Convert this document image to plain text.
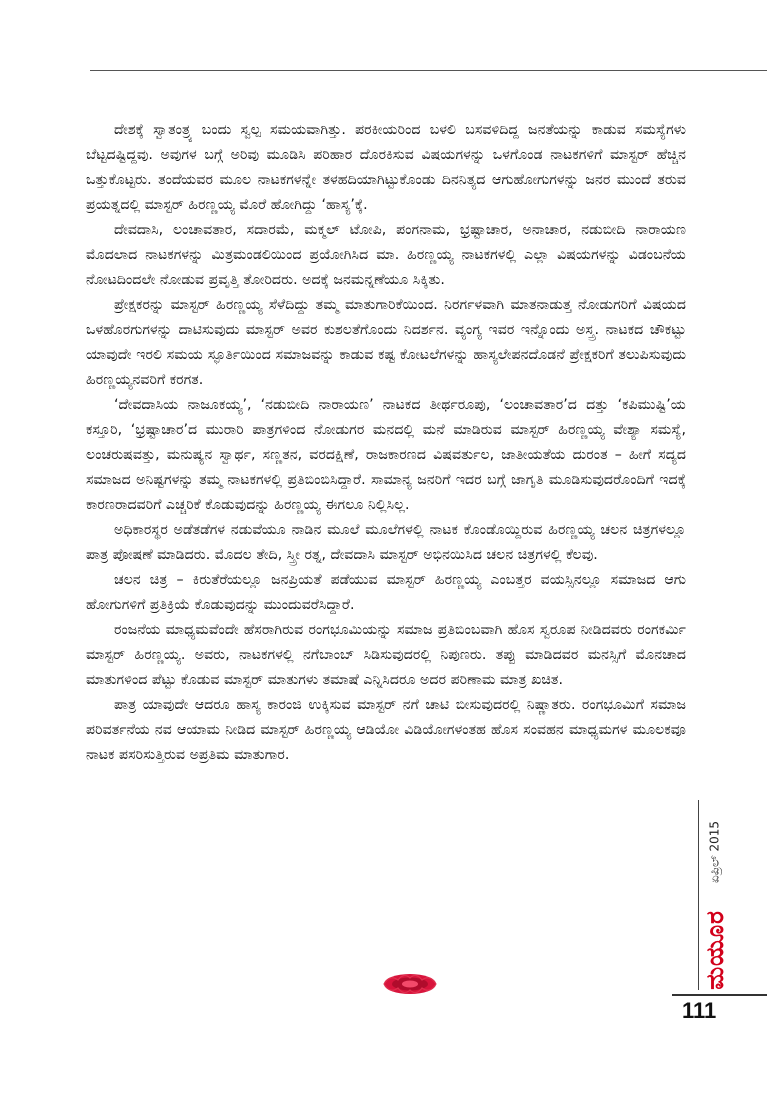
ದೇಶಕ್ಕೆ ಸ್ವಾತಂತ್ರ್ಯ ಬಂದು ಸ್ವಲ್ಪ ಸಮಯವಾಗಿತ್ತು. ಪರಕೀಯರಿಂದ ಬಳಲಿ ಬಸವಳಿದಿದ್ದ ಜನತೆಯನ್ನು ಕಾಡುವ ಸಮಸ್ಯೆಗಳು ಬೆಟ್ಟದಷ್ಟಿದ್ದವು. ಅವುಗಳ ಬಗ್ಗೆ ಅರಿವು ಮೂಡಿಸಿ ಪರಿಹಾರ ದೊರಕಿಸುವ ವಿಷಯಗಳನ್ನು ಒಳಗೊಂಡ ನಾಟಕಗಳಿಗೆ ಮಾಸ್ಟರ್ ಹೆಚ್ಚಿನ ಒತ್ತುಕೊಟ್ಟರು. ತಂದೆಯವರ ಮೂಲ ನಾಟಕಗಳನ್ನೇ ತಳಹದಿಯಾಗಿಟ್ಟುಕೊಂಡು ದಿನನಿತ್ಯದ ಆಗುಹೋಗುಗಳನ್ನು ಜನರ ಮುಂದೆ ತರುವ ಪ್ರಯತ್ನದಲ್ಲಿ ಮಾಸ್ಟರ್ ಹಿರಣ್ಣಯ್ಯ ಮೊರೆ ಹೋಗಿದ್ದು ‘ಹಾಸ್ಯ’ಕ್ಕೆ.

ದೇವದಾಸಿ, ಲಂಚಾವತಾರ, ಸದಾರಮೆ, ಮಕ್ಮಲ್ ಟೋಪಿ, ಪಂಗನಾಮ, ಭ್ರಷ್ಟಾಚಾರ, ಅನಾಚಾರ, ನಡುಬೀದಿ ನಾರಾಯಣ ಮೊದಲಾದ ನಾಟಕಗಳನ್ನು ಮಿತ್ರಮಂಡಲಿಯಿಂದ ಪ್ರಯೋಗಿಸಿದ ಮಾ. ಹಿರಣ್ಣಯ್ಯ ನಾಟಕಗಳಲ್ಲಿ ಎಲ್ಲಾ ವಿಷಯಗಳನ್ನು ವಿಡಂಬನೆಯ ನೋಟದಿಂದಲೇ ನೋಡುವ ಪ್ರವೃತ್ತಿ ತೋರಿದರು. ಅದಕ್ಕೆ ಜನಮನ್ನಣೆಯೂ ಸಿಕ್ಕಿತು.

ಪ್ರೇಕ್ಷಕರನ್ನು ಮಾಸ್ಟರ್ ಹಿರಣ್ಣಯ್ಯ ಸೆಳೆದಿದ್ದು ತಮ್ಮ ಮಾತುಗಾರಿಕೆಯಿಂದ. ನಿರರ್ಗಳವಾಗಿ ಮಾತನಾಡುತ್ತ ನೋಡುಗರಿಗೆ ವಿಷಯದ ಒಳಹೊರಗುಗಳನ್ನು ದಾಟಿಸುವುದು ಮಾಸ್ಟರ್ ಅವರ ಕುಶಲತೆಗೊಂದು ನಿದರ್ಶನ. ವ್ಯಂಗ್ಯ ಇವರ ಇನ್ನೊಂದು ಅಸ್ತ್ರ. ನಾಟಕದ ಚೌಕಟ್ಟು ಯಾವುದೇ ಇರಲಿ ಸಮಯ ಸ್ಫೂರ್ತಿಯಿಂದ ಸಮಾಜವನ್ನು ಕಾಡುವ ಕಷ್ಟ ಕೋಟಲೆಗಳನ್ನು ಹಾಸ್ಯಲೇಪನದೊಡನೆ ಪ್ರೇಕ್ಷಕರಿಗೆ ತಲುಪಿಸುವುದು ಹಿರಣ್ಣಯ್ಯನವರಿಗೆ ಕರಗತ.

‘ದೇವದಾಸಿಯ ನಾಜೂಕಯ್ಯ’, ‘ನಡುಬೀದಿ ನಾರಾಯಣ’ ನಾಟಕದ ತೀರ್ಥರೂಪು, ‘ಲಂಚಾವತಾರ’ದ ದತ್ತು ‘ಕಪಿಮುಷ್ಟಿ’ಯ ಕಸ್ತೂರಿ, ‘ಭ್ರಷ್ಟಾಚಾರ’ದ ಮುರಾರಿ ಪಾತ್ರಗಳಿಂದ ನೋಡುಗರ ಮನದಲ್ಲಿ ಮನೆ ಮಾಡಿರುವ ಮಾಸ್ಟರ್ ಹಿರಣ್ಣಯ್ಯ ವೇಶ್ಯಾ ಸಮಸ್ಯೆ, ಲಂಚರುಷವತ್ತು, ಮನುಷ್ಯನ ಸ್ವಾರ್ಥ, ಸಣ್ಣತನ, ವರದಕ್ಷಿಣೆ, ರಾಜಕಾರಣದ ವಿಷವರ್ತುಲ, ಜಾತೀಯತೆಯ ದುರಂತ – ಹೀಗೆ ಸದ್ಯದ ಸಮಾಜದ ಅನಿಷ್ಟಗಳನ್ನು ತಮ್ಮ ನಾಟಕಗಳಲ್ಲಿ ಪ್ರತಿಬಿಂಬಿಸಿದ್ದಾರೆ. ಸಾಮಾನ್ಯ ಜನರಿಗೆ ಇದರ ಬಗ್ಗೆ ಜಾಗೃತಿ ಮೂಡಿಸುವುದರೊಂದಿಗೆ ಇದಕ್ಕೆ ಕಾರಣರಾದವರಿಗೆ ಎಚ್ಚರಿಕೆ ಕೊಡುವುದನ್ನು ಹಿರಣ್ಣಯ್ಯ ಈಗಲೂ ನಿಲ್ಲಿಸಿಲ್ಲ.

ಅಧಿಕಾರಸ್ಥರ ಅಡೆತಡೆಗಳ ನಡುವೆಯೂ ನಾಡಿನ ಮೂಲೆ ಮೂಲೆಗಳಲ್ಲಿ ನಾಟಕ ಕೊಂಡೊಯ್ದಿರುವ ಹಿರಣ್ಣಯ್ಯ ಚಲನ ಚಿತ್ರಗಳಲ್ಲೂ ಪಾತ್ರ ಪೋಷಣೆ ಮಾಡಿದರು. ಮೊದಲ ತೇದಿ, ಸ್ತ್ರೀ ರತ್ನ, ದೇವದಾಸಿ ಮಾಸ್ಟರ್ ಅಭಿನಯಿಸಿದ ಚಲನ ಚಿತ್ರಗಳಲ್ಲಿ ಕೆಲವು.

ಚಲನ ಚಿತ್ರ – ಕಿರುತೆರೆಯಲ್ಲೂ ಜನಪ್ರಿಯತೆ ಪಡೆಯುವ ಮಾಸ್ಟರ್ ಹಿರಣ್ಣಯ್ಯ ಎಂಬತ್ತರ ವಯಸ್ಸಿನಲ್ಲೂ ಸಮಾಜದ ಆಗು ಹೋಗುಗಳಿಗೆ ಪ್ರತಿಕ್ರಿಯೆ ಕೊಡುವುದನ್ನು ಮುಂದುವರೆಸಿದ್ದಾರೆ.

ರಂಜನೆಯ ಮಾಧ್ಯಮವೆಂದೇ ಹೆಸರಾಗಿರುವ ರಂಗಭೂಮಿಯನ್ನು ಸಮಾಜ ಪ್ರತಿಬಿಂಬವಾಗಿ ಹೊಸ ಸ್ವರೂಪ ನೀಡಿದವರು ರಂಗಕರ್ಮಿ ಮಾಸ್ಟರ್ ಹಿರಣ್ಣಯ್ಯ. ಅವರು, ನಾಟಕಗಳಲ್ಲಿ ನಗೆಬಾಂಬ್ ಸಿಡಿಸುವುದರಲ್ಲಿ ನಿಪುಣರು. ತಪ್ಪು ಮಾಡಿದವರ ಮನಸ್ಸಿಗೆ ಮೊನಚಾದ ಮಾತುಗಳಿಂದ ಪೆಟ್ಟು ಕೊಡುವ ಮಾಸ್ಟರ್ ಮಾತುಗಳು ತಮಾಷೆ ಎನ್ನಿಸಿದರೂ ಅದರ ಪರಿಣಾಮ ಮಾತ್ರ ಖಚಿತ.

ಪಾತ್ರ ಯಾವುದೇ ಆದರೂ ಹಾಸ್ಯ ಕಾರಂಜಿ ಉಕ್ಕಿಸುವ ಮಾಸ್ಟರ್ ನಗೆ ಚಾಟಿ ಬೀಸುವುದರಲ್ಲಿ ನಿಷ್ಣಾತರು. ರಂಗಭೂಮಿಗೆ ಸಮಾಜ ಪರಿವರ್ತನೆಯ ನವ ಆಯಾಮ ನೀಡಿದ ಮಾಸ್ಟರ್ ಹಿರಣ್ಣಯ್ಯ ಆಡಿಯೋ ವಿಡಿಯೋಗಳಂತಹ ಹೊಸ ಸಂವಹನ ಮಾಧ್ಯಮಗಳ ಮೂಲಕವೂ ನಾಟಕ ಪಸರಿಸುತ್ತಿರುವ ಅಪ್ರತಿಮ ಮಾತುಗಾರ.

ಏಪ್ರಿಲ್ 2015
ಮಯೂರ
111
